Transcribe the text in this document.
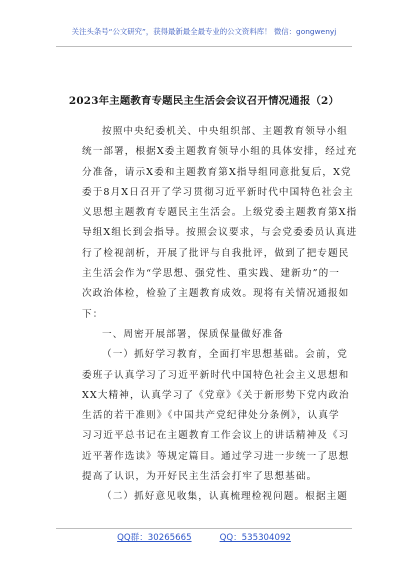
关注头条号“公文研究”，获得最新最全最专业的公文资料库！ 微信：gongwenyj
2023年主题教育专题民主生活会会议召开情况通报（2）
按照中央纪委机关、中央组织部、主题教育领导小组
统一部署，根据X委主题教育领导小组的具体安排，经过充
分准备，请示X委和主题教育第X指导组同意批复后，X党
委于8月X日召开了学习贯彻习近平新时代中国特色社会主
义思想主题教育专题民主生活会。上级党委主题教育第X指
导组X组长到会指导。按照会议要求，与会党委委员认真进
行了检视剖析，开展了批评与自我批评，做到了把专题民
主生活会作为“学思想、强党性、重实践、建新功”的一
次政治体检，检验了主题教育成效。现将有关情况通报如
下：
一、周密开展部署，保质保量做好准备
（一）抓好学习教育，全面打牢思想基础。会前，党
委班子认真学习了习近平新时代中国特色社会主义思想和
XX大精神，认真学习了《党章》《关于新形势下党内政治
生活的若干准则》《中国共产党纪律处分条例》，认真学
习习近平总书记在主题教育工作会议上的讲话精神及《习
近平著作选读》等规定篇目。通过学习进一步统一了思想
提高了认识，为开好民主生活会打牢了思想基础。
（二）抓好意见收集，认真梳理检视问题。根据主题
QQ群：30265665	QQ：535304092
